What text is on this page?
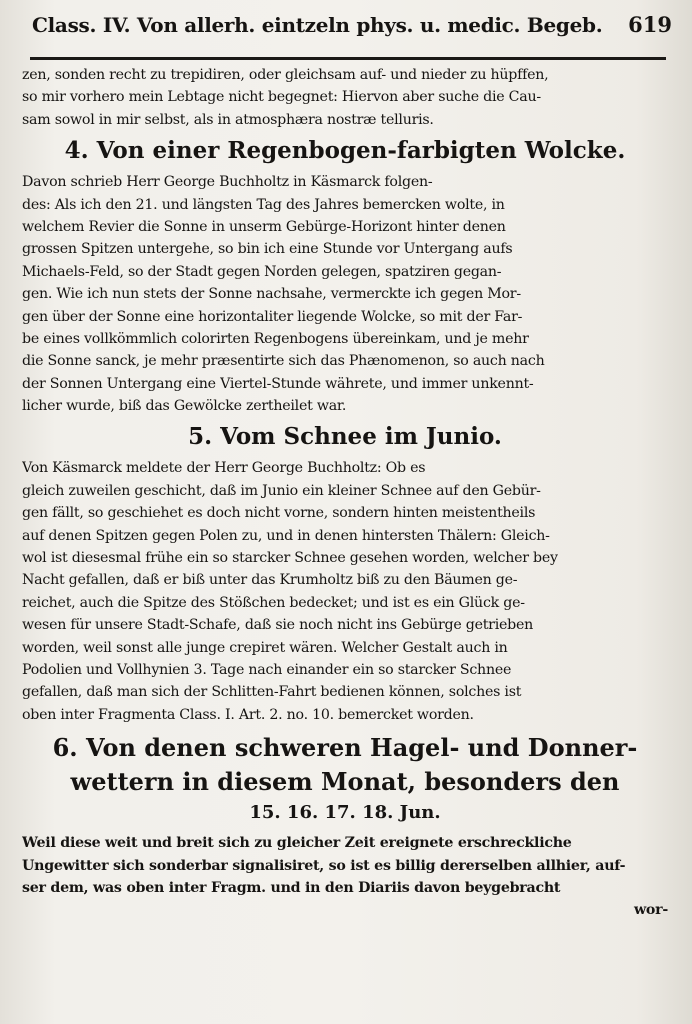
Class. IV. Von allerh. eintzeln phys. u. medic. Begeb. 619
zen, sonden recht zu trepidiren, oder gleichsam auf- und nieder zu hüpffen,
so mir vorhero mein Lebtage nicht begegnet: Hiervon aber suche die Cau-
sam sowol in mir selbst, als in atmosphæra nostræ telluris.
4. Von einer Regenbogen-farbigten Wolcke.
Davon schrieb Herr George Buchholtz in Käsmarck folgen-
des: Als ich den 21. und längsten Tag des Jahres bemercken wolte, in
welchem Revier die Sonne in unserm Gebürge-Horizont hinter denen
grossen Spitzen untergehe, so bin ich eine Stunde vor Untergang aufs
Michaels-Feld, so der Stadt gegen Norden gelegen, spatziren gegan-
gen. Wie ich nun stets der Sonne nachsahe, vermerckte ich gegen Mor-
gen über der Sonne eine horizontaliter liegende Wolcke, so mit der Far-
be eines vollkömmlich colorirten Regenbogens übereinkam, und je mehr
die Sonne sanck, je mehr præsentirte sich das Phænomenon, so auch nach
der Sonnen Untergang eine Viertel-Stunde währete, und immer unkennt-
licher wurde, biß das Gewölcke zertheilet war.
5. Vom Schnee im Junio.
Von Käsmarck meldete der Herr George Buchholtz: Ob es
gleich zuweilen geschicht, daß im Junio ein kleiner Schnee auf den Gebür-
gen fällt, so geschiehet es doch nicht vorne, sondern hinten meistentheils
auf denen Spitzen gegen Polen zu, und in denen hintersten Thälern: Gleich-
wol ist diesesmal frühe ein so starcker Schnee gesehen worden, welcher bey
Nacht gefallen, daß er biß unter das Krumholtz biß zu den Bäumen ge-
reichet, auch die Spitze des Stößchen bedecket; und ist es ein Glück ge-
wesen für unsere Stadt-Schafe, daß sie noch nicht ins Gebürge getrieben
worden, weil sonst alle junge crepiret wären. Welcher Gestalt auch in
Podolien und Vollhynien 3. Tage nach einander ein so starcker Schnee
gefallen, daß man sich der Schlitten-Fahrt bedienen können, solches ist
oben inter Fragmenta Class. I. Art. 2. no. 10. bemercket worden.
6. Von denen schweren Hagel- und Donner-
wettern in diesem Monat, besonders den
15. 16. 17. 18. Jun.
Weil diese weit und breit sich zu gleicher Zeit ereignete erschreckliche
Ungewitter sich sonderbar signalisiret, so ist es billig dererselben allhier, auf-
ser dem, was oben inter Fragm. und in den Diariis davon beygebracht
wor-
